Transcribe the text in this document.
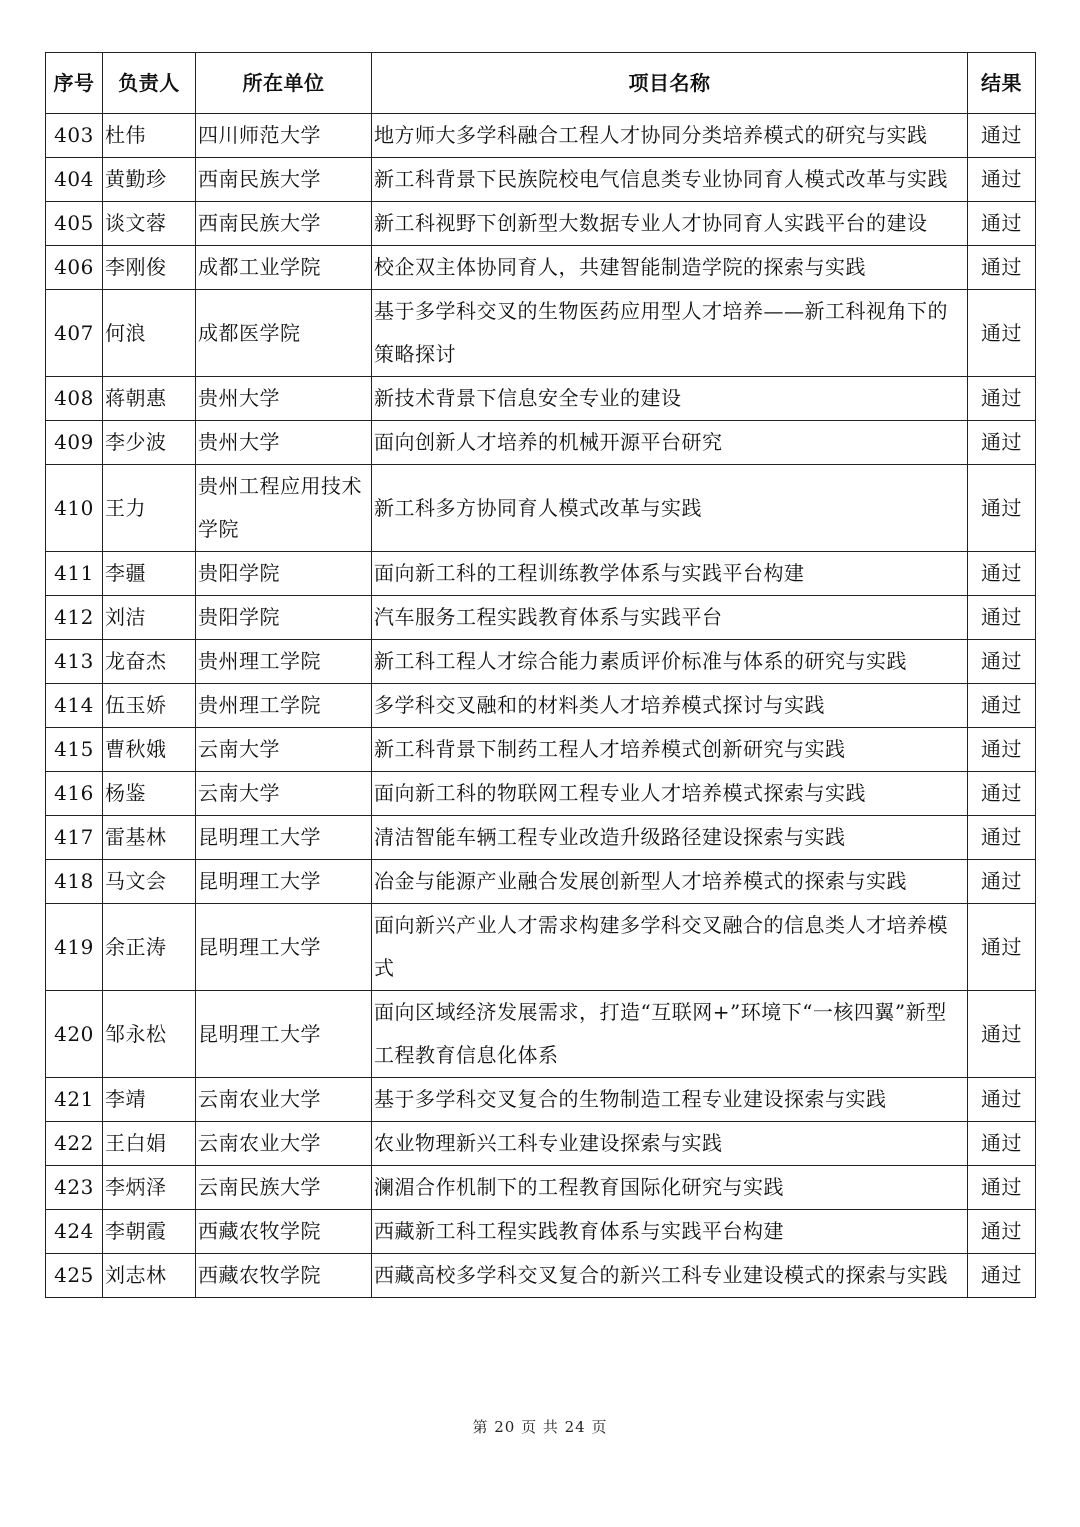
序号	负责人	所在单位	项目名称	结果
403	杜伟	四川师范大学	地方师大多学科融合工程人才协同分类培养模式的研究与实践	通过
404	黄勤珍	西南民族大学	新工科背景下民族院校电气信息类专业协同育人模式改革与实践	通过
405	谈文蓉	西南民族大学	新工科视野下创新型大数据专业人才协同育人实践平台的建设	通过
406	李刚俊	成都工业学院	校企双主体协同育人，共建智能制造学院的探索与实践	通过
407	何浪	成都医学院	基于多学科交叉的生物医药应用型人才培养——新工科视角下的策略探讨	通过
408	蒋朝惠	贵州大学	新技术背景下信息安全专业的建设	通过
409	李少波	贵州大学	面向创新人才培养的机械开源平台研究	通过
410	王力	贵州工程应用技术学院	新工科多方协同育人模式改革与实践	通过
411	李疆	贵阳学院	面向新工科的工程训练教学体系与实践平台构建	通过
412	刘洁	贵阳学院	汽车服务工程实践教育体系与实践平台	通过
413	龙奋杰	贵州理工学院	新工科工程人才综合能力素质评价标准与体系的研究与实践	通过
414	伍玉娇	贵州理工学院	多学科交叉融和的材料类人才培养模式探讨与实践	通过
415	曹秋娥	云南大学	新工科背景下制药工程人才培养模式创新研究与实践	通过
416	杨鉴	云南大学	面向新工科的物联网工程专业人才培养模式探索与实践	通过
417	雷基林	昆明理工大学	清洁智能车辆工程专业改造升级路径建设探索与实践	通过
418	马文会	昆明理工大学	冶金与能源产业融合发展创新型人才培养模式的探索与实践	通过
419	余正涛	昆明理工大学	面向新兴产业人才需求构建多学科交叉融合的信息类人才培养模式	通过
420	邹永松	昆明理工大学	面向区域经济发展需求，打造“互联网+”环境下“一核四翼”新型工程教育信息化体系	通过
421	李靖	云南农业大学	基于多学科交叉复合的生物制造工程专业建设探索与实践	通过
422	王白娟	云南农业大学	农业物理新兴工科专业建设探索与实践	通过
423	李炳泽	云南民族大学	澜湄合作机制下的工程教育国际化研究与实践	通过
424	李朝霞	西藏农牧学院	西藏新工科工程实践教育体系与实践平台构建	通过
425	刘志林	西藏农牧学院	西藏高校多学科交叉复合的新兴工科专业建设模式的探索与实践	通过
第 20 页 共 24 页
